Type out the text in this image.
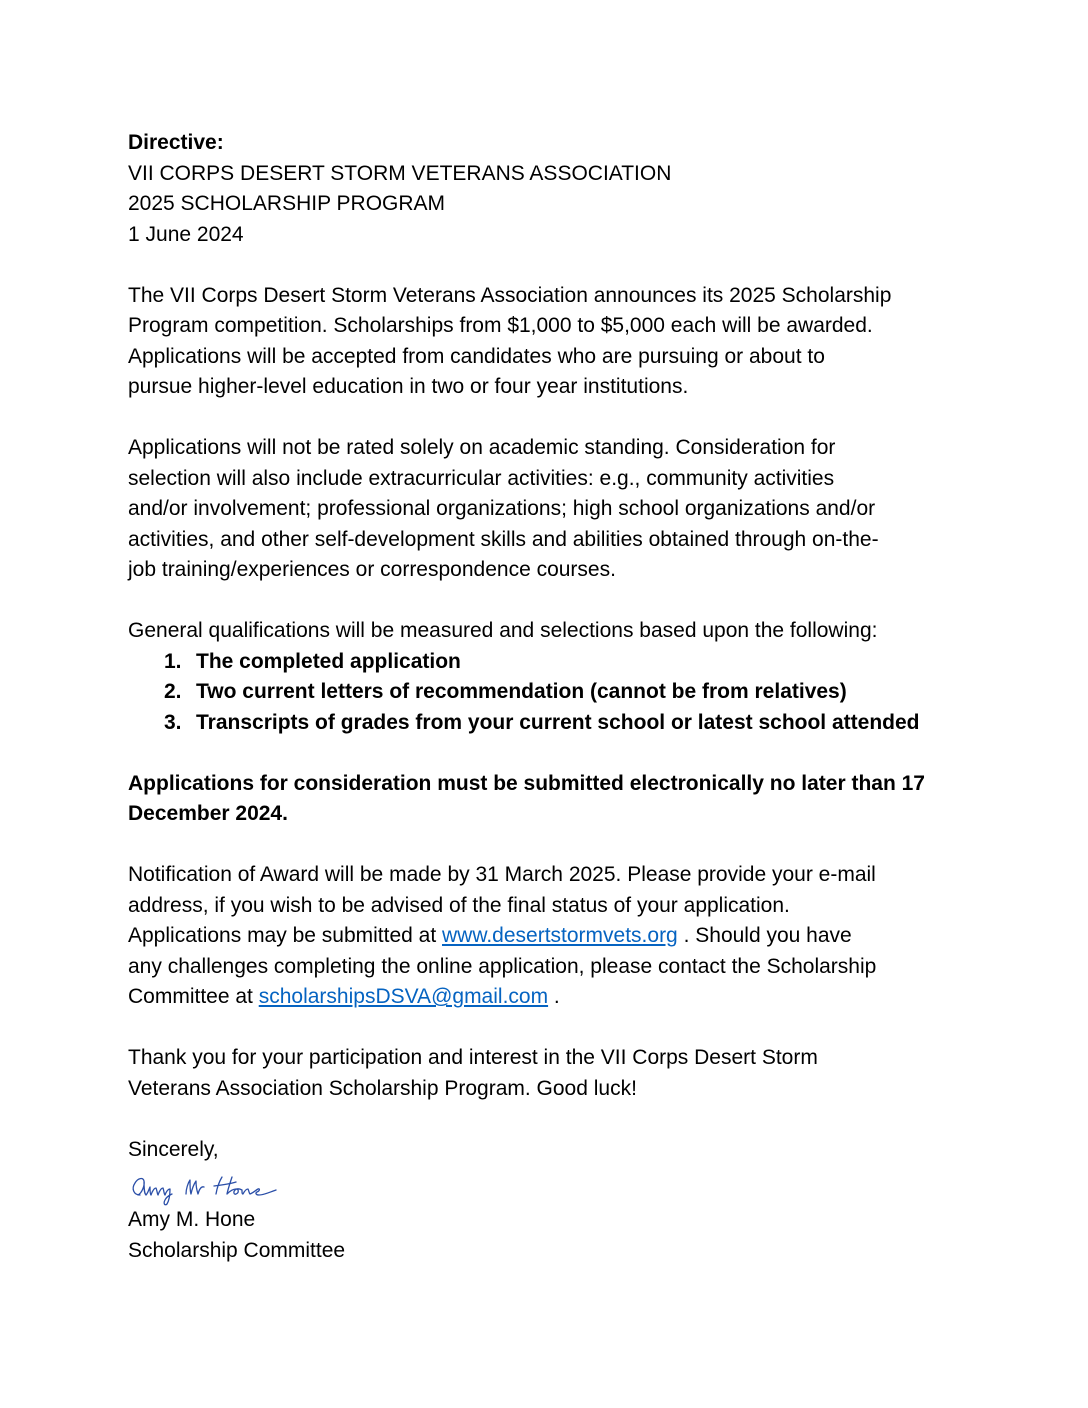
Directive:
VII CORPS DESERT STORM VETERANS ASSOCIATION
2025 SCHOLARSHIP PROGRAM
1 June 2024
The VII Corps Desert Storm Veterans Association announces its 2025 Scholarship
Program competition. Scholarships from $1,000 to $5,000 each will be awarded.
Applications will be accepted from candidates who are pursuing or about to
pursue higher-level education in two or four year institutions.
Applications will not be rated solely on academic standing. Consideration for
selection will also include extracurricular activities: e.g., community activities
and/or involvement; professional organizations; high school organizations and/or
activities, and other self-development skills and abilities obtained through on-the-
job training/experiences or correspondence courses.
General qualifications will be measured and selections based upon the following:
1. The completed application
2. Two current letters of recommendation (cannot be from relatives)
3. Transcripts of grades from your current school or latest school attended
Applications for consideration must be submitted electronically no later than 17
December 2024.
Notification of Award will be made by 31 March 2025. Please provide your e-mail
address, if you wish to be advised of the final status of your application.
Applications may be submitted at www.desertstormvets.org . Should you have
any challenges completing the online application, please contact the Scholarship
Committee at scholarshipsDSVA@gmail.com .
Thank you for your participation and interest in the VII Corps Desert Storm
Veterans Association Scholarship Program. Good luck!
Sincerely,
Amy M. Hone
Scholarship Committee
